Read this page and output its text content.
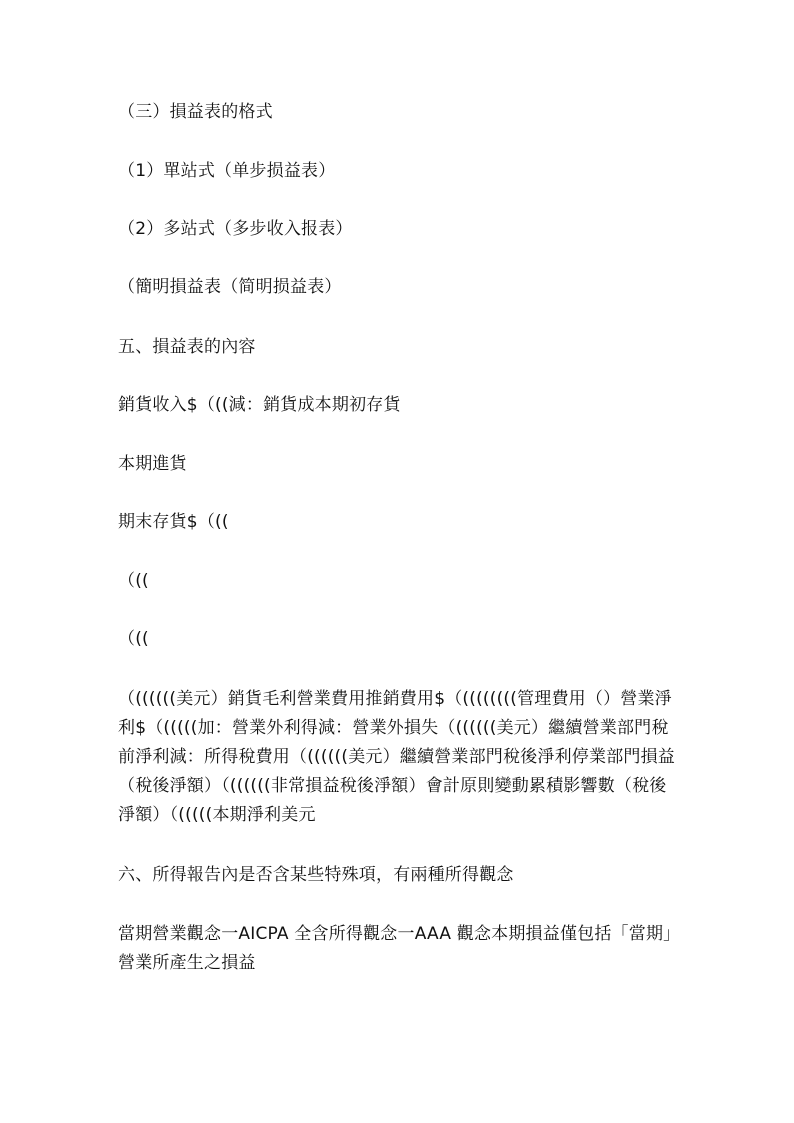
（三）損益表的格式

（1）單站式（单步损益表）

（2）多站式（多步收入报表）

（簡明損益表（简明损益表）

五、損益表的內容

銷貨收入$（((減：銷貨成本期初存貨

本期進貨

期末存貨$（((

（((

（((

（((((((美元）銷貨毛利營業費用推銷費用$（((((((((管理費用（）營業淨利$（(((((加：營業外利得減：營業外損失（((((((美元）繼續營業部門稅前淨利減：所得稅費用（((((((美元）繼續營業部門稅後淨利停業部門損益（稅後淨額）（((((((非常損益稅後淨額）會計原則變動累積影響數（稅後淨額）（(((((本期淨利美元

六、所得報告內是否含某些特殊項，有兩種所得觀念

當期營業觀念一AICPA 全含所得觀念一AAA 觀念本期損益僅包括「當期」營業所產生之損益
